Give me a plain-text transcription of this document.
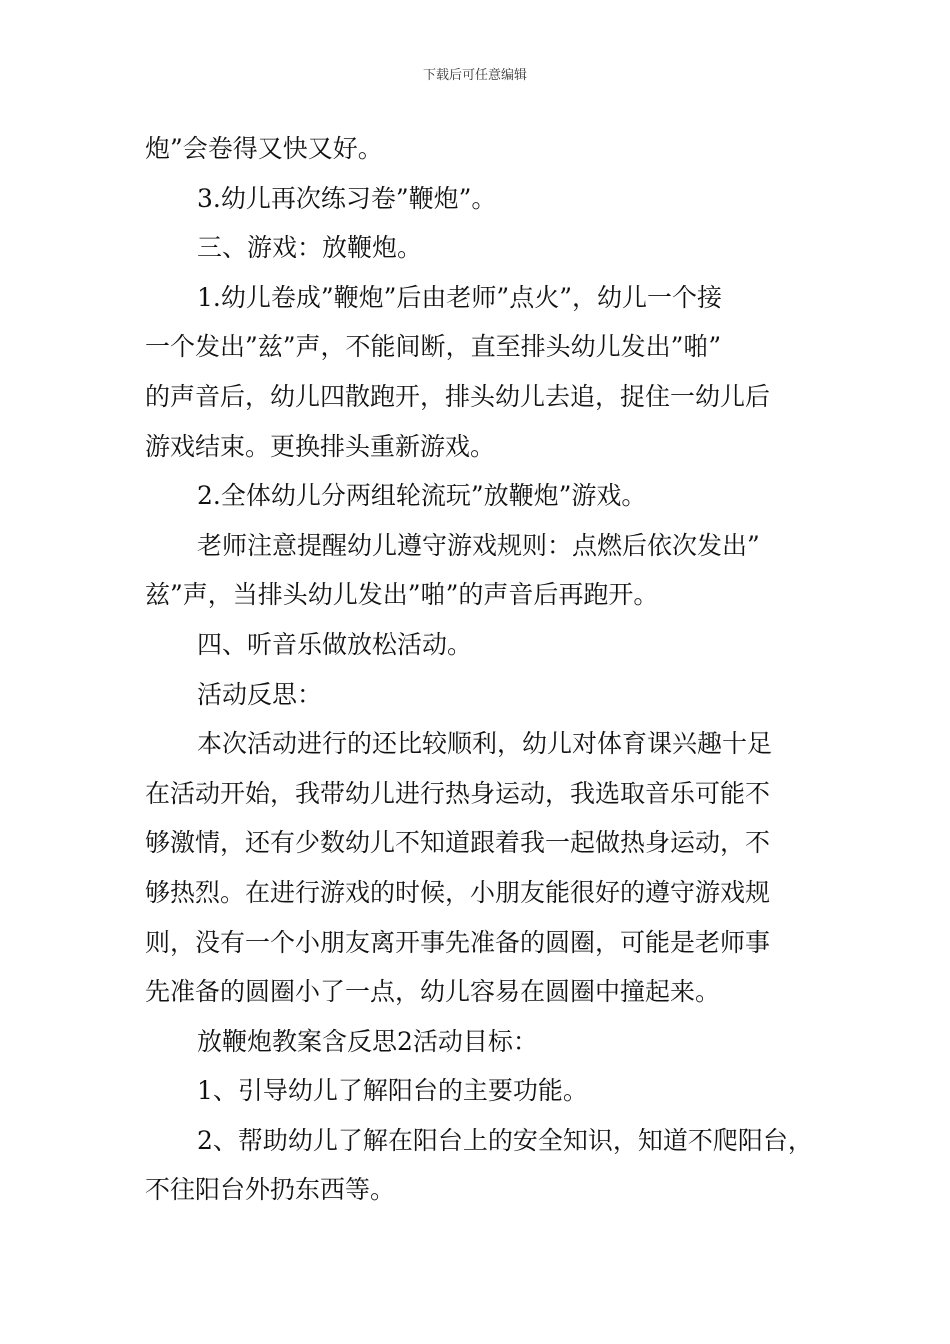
下载后可任意编辑

炮”会卷得又快又好。

3.幼儿再次练习卷”鞭炮”。

三、游戏：放鞭炮。

1.幼儿卷成”鞭炮”后由老师”点火”，幼儿一个接

一个发出”兹”声，不能间断，直至排头幼儿发出”啪”

的声音后，幼儿四散跑开，排头幼儿去追，捉住一幼儿后

游戏结束。更换排头重新游戏。

2.全体幼儿分两组轮流玩”放鞭炮”游戏。

老师注意提醒幼儿遵守游戏规则：点燃后依次发出”

兹”声，当排头幼儿发出”啪”的声音后再跑开。

四、听音乐做放松活动。

活动反思：

本次活动进行的还比较顺利，幼儿对体育课兴趣十足

在活动开始，我带幼儿进行热身运动，我选取音乐可能不

够激情，还有少数幼儿不知道跟着我一起做热身运动，不

够热烈。在进行游戏的时候，小朋友能很好的遵守游戏规

则，没有一个小朋友离开事先准备的圆圈，可能是老师事

先准备的圆圈小了一点，幼儿容易在圆圈中撞起来。

放鞭炮教案含反思2活动目标：

1、引导幼儿了解阳台的主要功能。

2、帮助幼儿了解在阳台上的安全知识，知道不爬阳台，

不往阳台外扔东西等。
